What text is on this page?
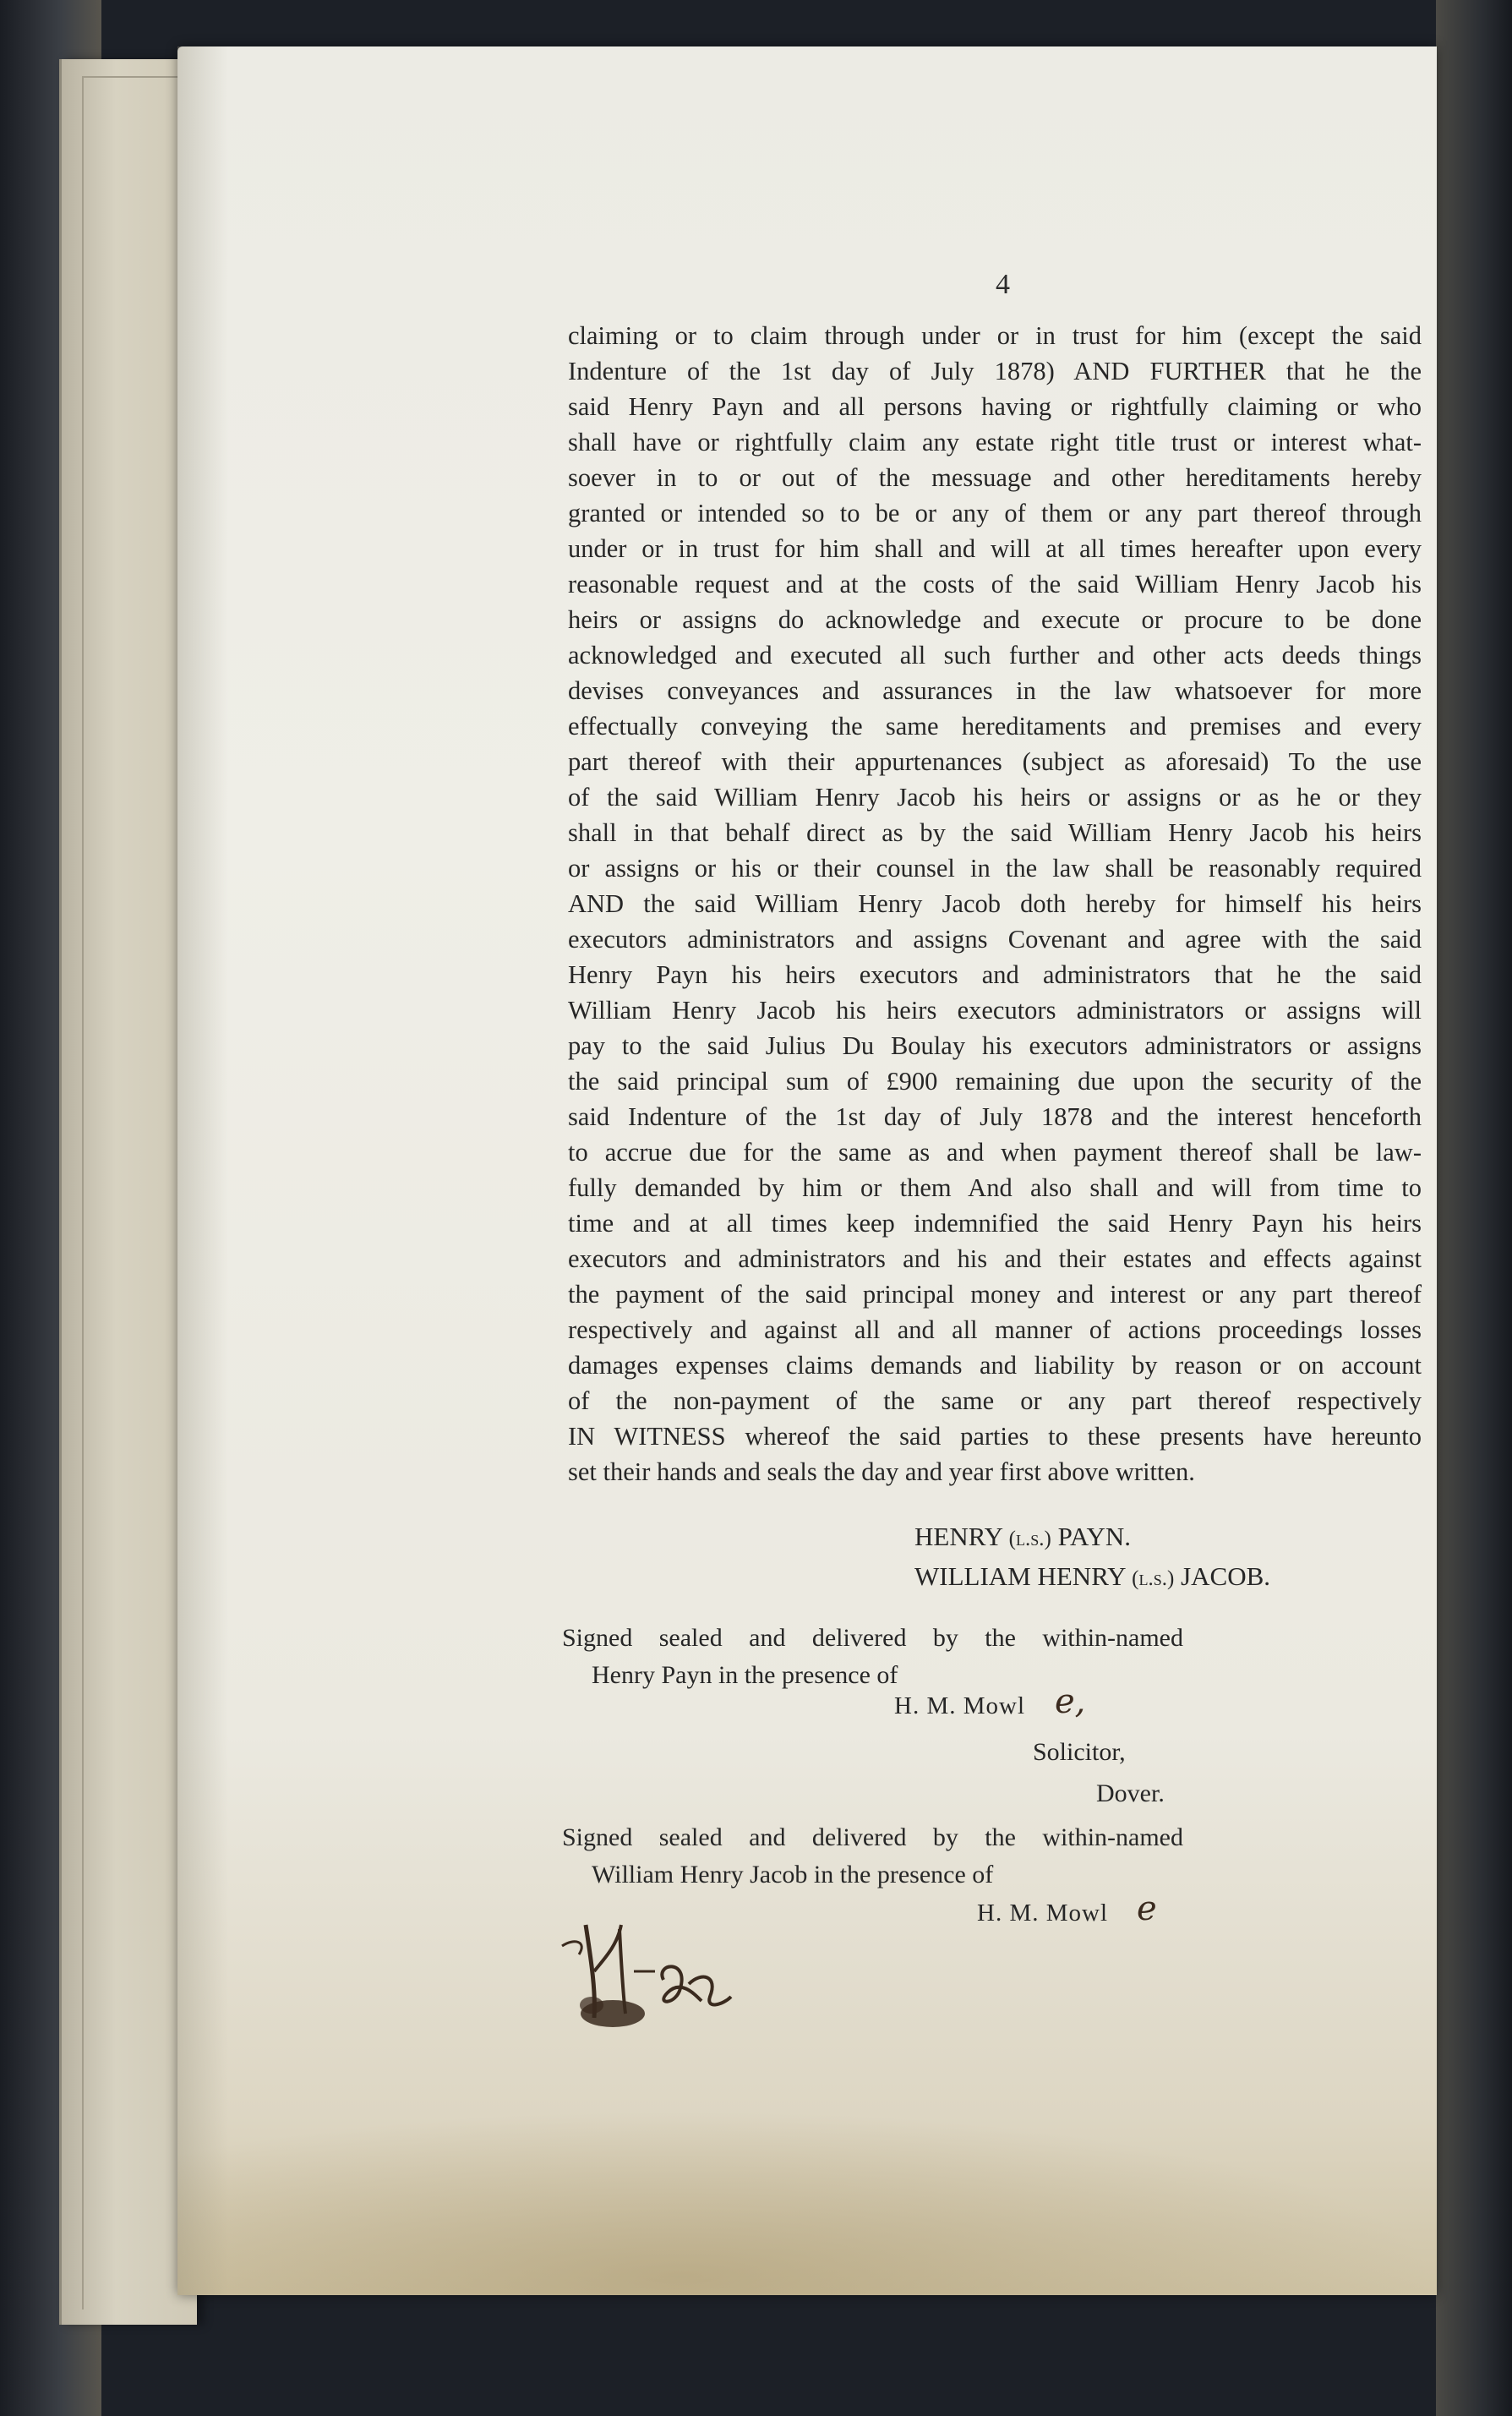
4
claiming or to claim through under or in trust for him (except the said
Indenture of the 1st day of July 1878) AND FURTHER that he the
said Henry Payn and all persons having or rightfully claiming or who
shall have or rightfully claim any estate right title trust or interest what-
soever in to or out of the messuage and other hereditaments hereby
granted or intended so to be or any of them or any part thereof through
under or in trust for him shall and will at all times hereafter upon every
reasonable request and at the costs of the said William Henry Jacob his
heirs or assigns do acknowledge and execute or procure to be done
acknowledged and executed all such further and other acts deeds things
devises conveyances and assurances in the law whatsoever for more
effectually conveying the same hereditaments and premises and every
part thereof with their appurtenances (subject as aforesaid) To the use
of the said William Henry Jacob his heirs or assigns or as he or they
shall in that behalf direct as by the said William Henry Jacob his heirs
or assigns or his or their counsel in the law shall be reasonably required
AND the said William Henry Jacob doth hereby for himself his heirs
executors administrators and assigns Covenant and agree with the said
Henry Payn his heirs executors and administrators that he the said
William Henry Jacob his heirs executors administrators or assigns will
pay to the said Julius Du Boulay his executors administrators or assigns
the said principal sum of £900 remaining due upon the security of the
said Indenture of the 1st day of July 1878 and the interest henceforth
to accrue due for the same as and when payment thereof shall be law-
fully demanded by him or them And also shall and will from time to
time and at all times keep indemnified the said Henry Payn his heirs
executors and administrators and his and their estates and effects against
the payment of the said principal money and interest or any part thereof
respectively and against all and all manner of actions proceedings losses
damages expenses claims demands and liability by reason or on account
of the non-payment of the same or any part thereof respectively
IN WITNESS whereof the said parties to these presents have hereunto
set their hands and seals the day and year first above written.
HENRY (l.s.) PAYN.
WILLIAM HENRY (l.s.) JACOB.
Signed sealed and delivered by the within-named
Henry Payn in the presence of
H. M. Mowl e,
Solicitor,
Dover.
Signed sealed and delivered by the within-named
William Henry Jacob in the presence of
H. M. Mowl e
